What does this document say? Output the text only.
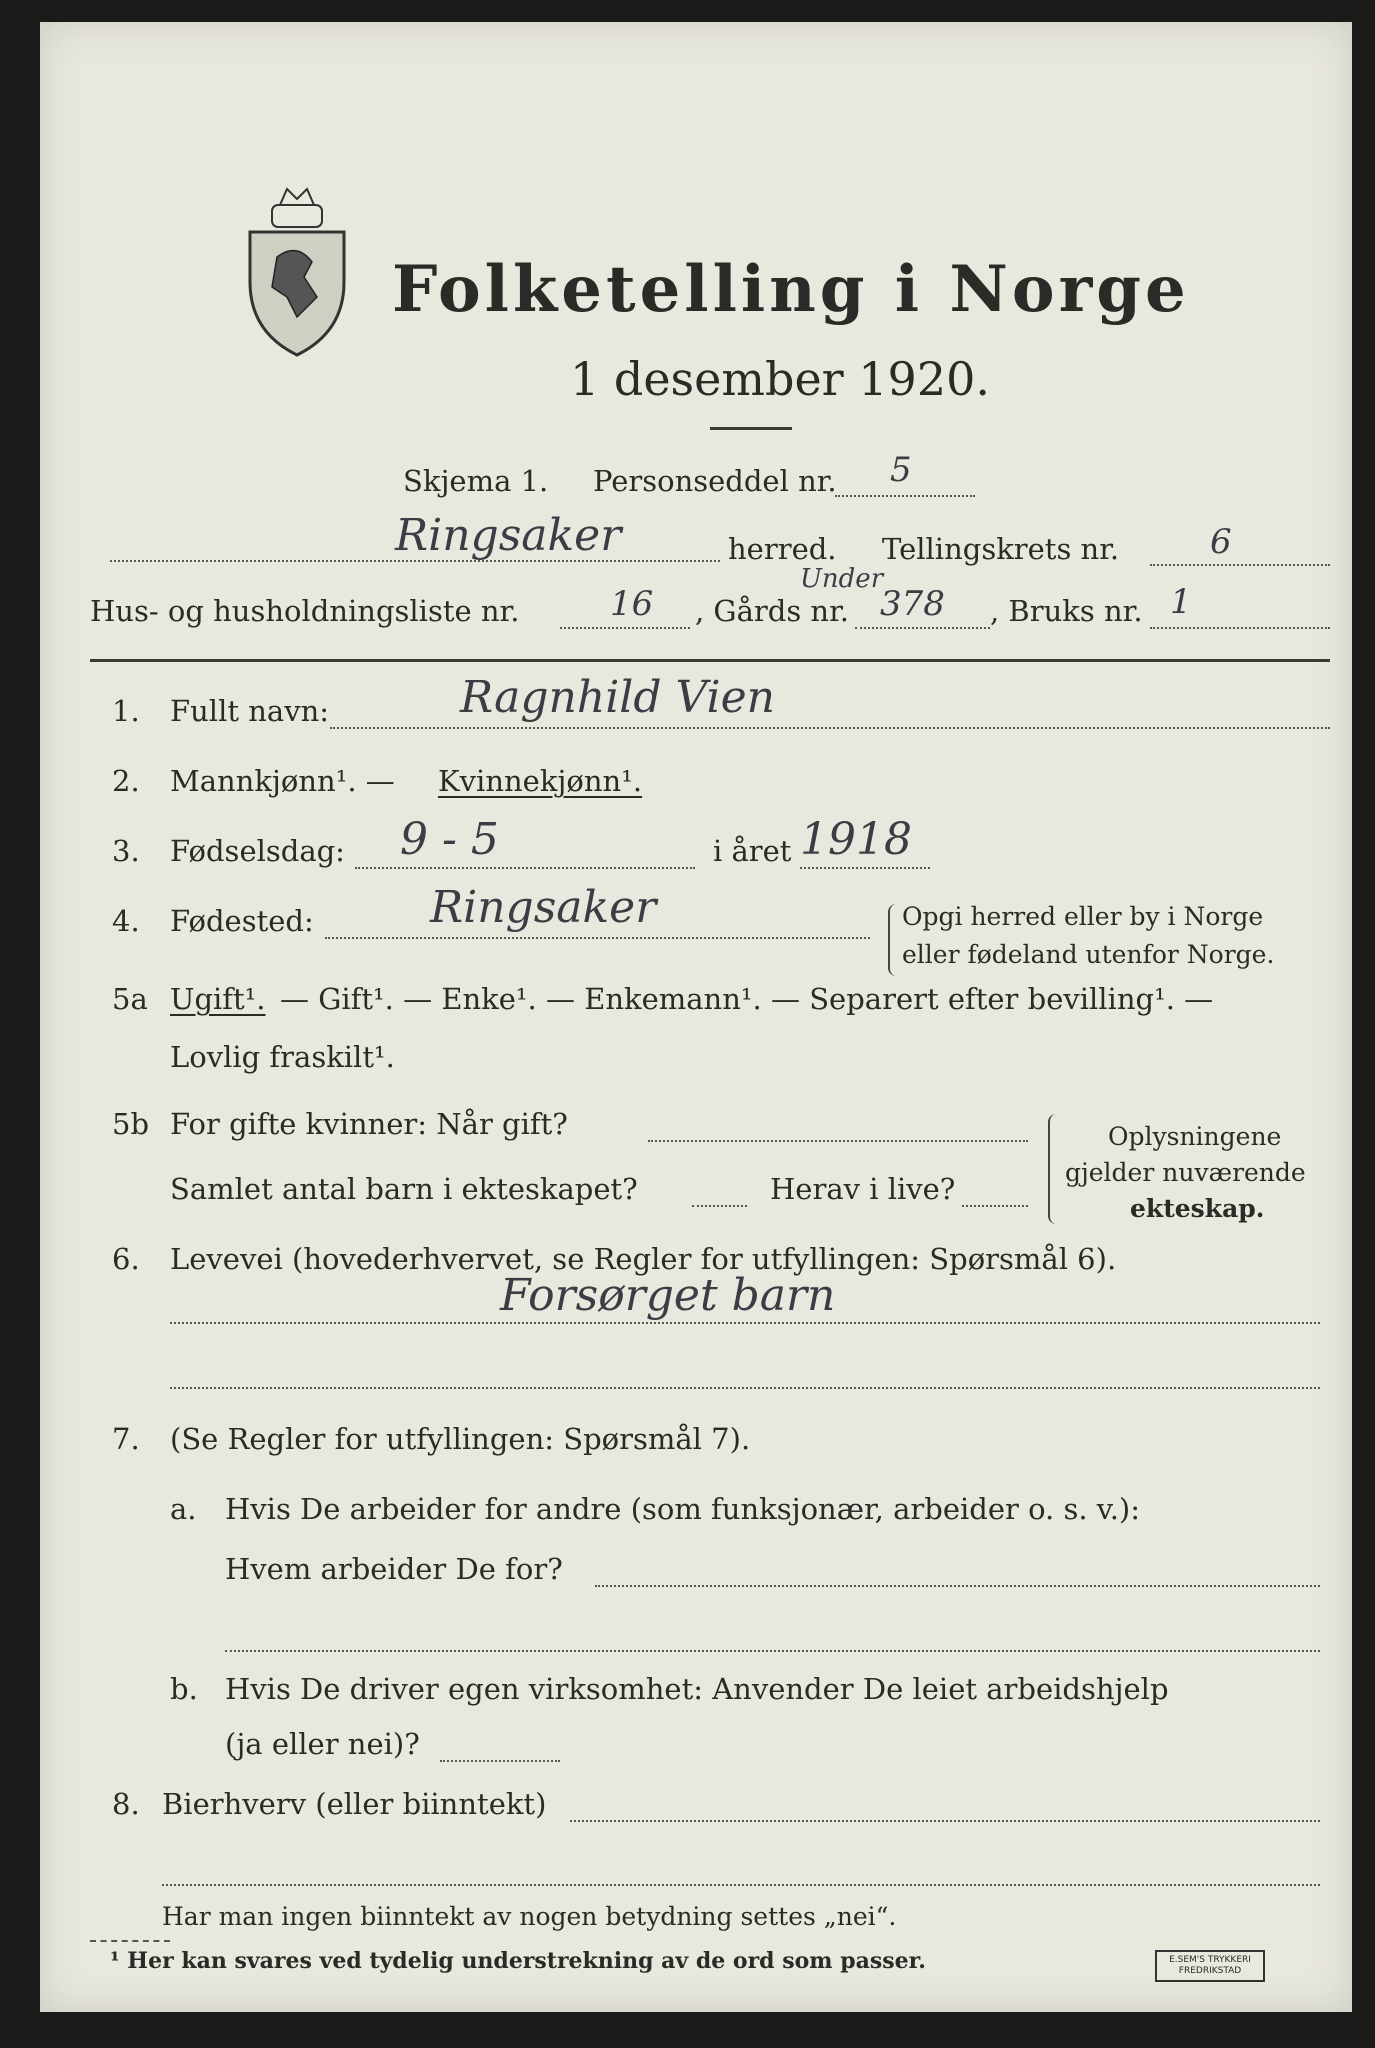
Folketelling i Norge
1 desember 1920.
Skjema 1. Personseddel nr. 5
Ringsaker	herred. Tellingskrets nr.	6
Hus- og husholdningsliste nr.	16 , Gårds nr.
Under
378 , Bruks nr. 1
1. Fullt navn:	Ragnhild Vien
2. Mannkjønn¹. — Kvinnekjønn¹.
3. Fødselsdag: 9 - 5	i året 1918
4. Fødested:	Ringsaker	Opgi herred eller by i Norge
eller fødeland utenfor Norge.
5a Ugift¹. — Gift¹. — Enke¹. — Enkemann¹. — Separert efter bevilling¹. —
Lovlig fraskilt¹.
5b For gifte kvinner: Når gift?
Samlet antal barn i ekteskapet?	Herav i live?
Oplysningene
gjelder nuværende
ekteskap.
6. Levevei (hovederhvervet, se Regler for utfyllingen: Spørsmål 6).
Forsørget barn
7. (Se Regler for utfyllingen: Spørsmål 7).
a. Hvis De arbeider for andre (som funksjonær, arbeider o. s. v.):
Hvem arbeider De for?
b. Hvis De driver egen virksomhet: Anvender De leiet arbeidshjelp
(ja eller nei)?
8. Bierhverv (eller biinntekt)
Har man ingen biinntekt av nogen betydning settes „nei“.
¹ Her kan svares ved tydelig understrekning av de ord som passer.	E.SEM'S TRYKKERI
FREDRIKSTAD
